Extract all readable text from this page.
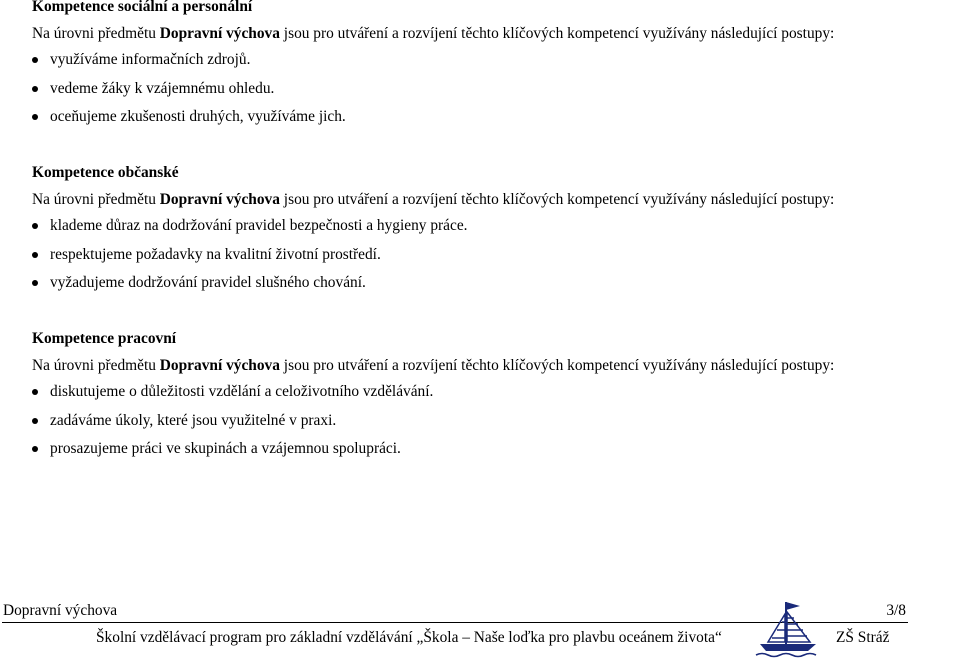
Kompetence sociální a personální
Na úrovni předmětu Dopravní výchova jsou pro utváření a rozvíjení těchto klíčových kompetencí využívány následující postupy:
využíváme informačních zdrojů.
vedeme žáky k vzájemnému ohledu.
oceňujeme zkušenosti druhých, využíváme jich.
Kompetence občanské
Na úrovni předmětu Dopravní výchova jsou pro utváření a rozvíjení těchto klíčových kompetencí využívány následující postupy:
klademe důraz na dodržování pravidel bezpečnosti a hygieny práce.
respektujeme požadavky na kvalitní životní prostředí.
vyžadujeme dodržování pravidel slušného chování.
Kompetence pracovní
Na úrovni předmětu Dopravní výchova jsou pro utváření a rozvíjení těchto klíčových kompetencí využívány následující postupy:
diskutujeme o důležitosti vzdělání a celoživotního vzdělávání.
zadáváme úkoly, které jsou využitelné v praxi.
prosazujeme práci ve skupinách a vzájemnou spolupráci.
Dopravní výchova	3/8
Školní vzdělávací program pro základní vzdělávání „Škola – Naše loďka pro plavbu oceánem života“	ZŠ Stráž
